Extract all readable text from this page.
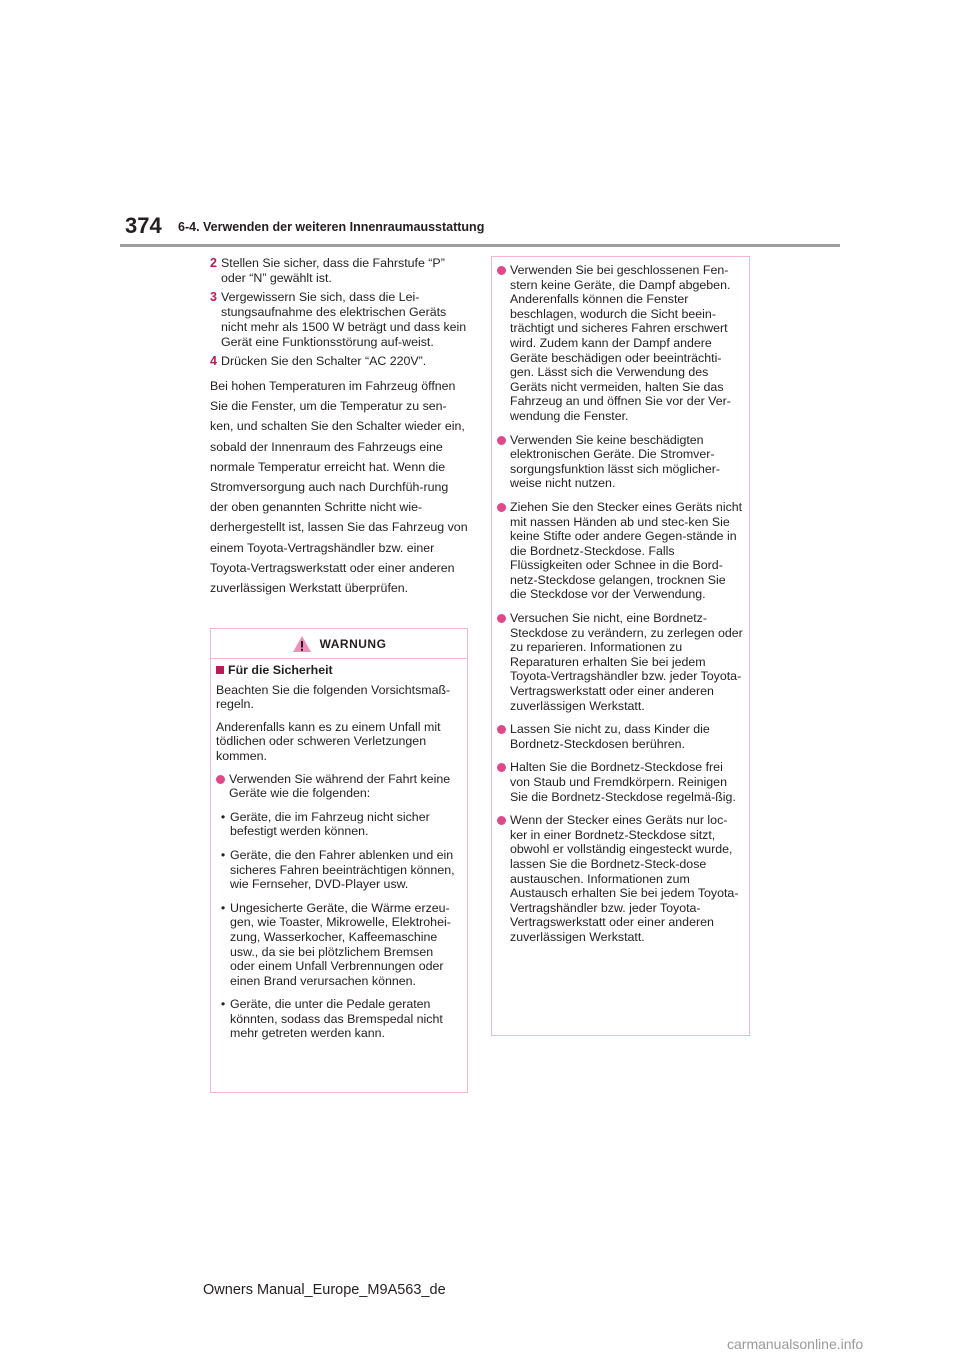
374 6-4. Verwenden der weiteren Innenraumausstattung
2 Stellen Sie sicher, dass die Fahrstufe “P” oder “N” gewählt ist.
3 Vergewissern Sie sich, dass die Lei-stungsaufnahme des elektrischen Geräts nicht mehr als 1500 W beträgt und dass kein Gerät eine Funktionsstörung auf-weist.
4 Drücken Sie den Schalter “AC 220V”.
Bei hohen Temperaturen im Fahrzeug öffnen Sie die Fenster, um die Temperatur zu sen-ken, und schalten Sie den Schalter wieder ein, sobald der Innenraum des Fahrzeugs eine normale Temperatur erreicht hat. Wenn die Stromversorgung auch nach Durchfüh-rung der oben genannten Schritte nicht wie-derhergestellt ist, lassen Sie das Fahrzeug von einem Toyota-Vertragshändler bzw. einer Toyota-Vertragswerkstatt oder einer anderen zuverlässigen Werkstatt überprüfen.
WARNUNG
Für die Sicherheit

Beachten Sie die folgenden Vorsichtsmaß-regeln.

Anderenfalls kann es zu einem Unfall mit tödlichen oder schweren Verletzungen kommen.

Verwenden Sie während der Fahrt keine Geräte wie die folgenden:
• Geräte, die im Fahrzeug nicht sicher befestigt werden können.
• Geräte, die den Fahrer ablenken und ein sicheres Fahren beeinträchtigen können, wie Fernseher, DVD-Player usw.
• Ungesicherte Geräte, die Wärme erzeu-gen, wie Toaster, Mikrowelle, Elektrohei-zung, Wasserkocher, Kaffeemaschine usw., da sie bei plötzlichem Bremsen oder einem Unfall Verbrennungen oder einen Brand verursachen können.
• Geräte, die unter die Pedale geraten könnten, sodass das Bremspedal nicht mehr getreten werden kann.
Verwenden Sie bei geschlossenen Fen-stern keine Geräte, die Dampf abgeben. Anderenfalls können die Fenster beschlagen, wodurch die Sicht beein-trächtigt und sicheres Fahren erschwert wird. Zudem kann der Dampf andere Geräte beschädigen oder beeinträchti-gen. Lässt sich die Verwendung des Geräts nicht vermeiden, halten Sie das Fahrzeug an und öffnen Sie vor der Ver-wendung die Fenster.
Verwenden Sie keine beschädigten elektronischen Geräte. Die Stromver-sorgungsfunktion lässt sich möglicher-weise nicht nutzen.
Ziehen Sie den Stecker eines Geräts nicht mit nassen Händen ab und stec-ken Sie keine Stifte oder andere Gegen-stände in die Bordnetz-Steckdose. Falls Flüssigkeiten oder Schnee in die Bord-netz-Steckdose gelangen, trocknen Sie die Steckdose vor der Verwendung.
Versuchen Sie nicht, eine Bordnetz-Steckdose zu verändern, zu zerlegen oder zu reparieren. Informationen zu Reparaturen erhalten Sie bei jedem Toyota-Vertragshändler bzw. jeder Toyota-Vertragswerkstatt oder einer anderen zuverlässigen Werkstatt.
Lassen Sie nicht zu, dass Kinder die Bordnetz-Steckdosen berühren.
Halten Sie die Bordnetz-Steckdose frei von Staub und Fremdkörpern. Reinigen Sie die Bordnetz-Steckdose regelmä-ßig.
Wenn der Stecker eines Geräts nur loc-ker in einer Bordnetz-Steckdose sitzt, obwohl er vollständig eingesteckt wurde, lassen Sie die Bordnetz-Steck-dose austauschen. Informationen zum Austausch erhalten Sie bei jedem Toyota-Vertragshändler bzw. jeder Toyota-Vertragswerkstatt oder einer anderen zuverlässigen Werkstatt.
Owners Manual_Europe_M9A563_de
carmanualsonline.info
